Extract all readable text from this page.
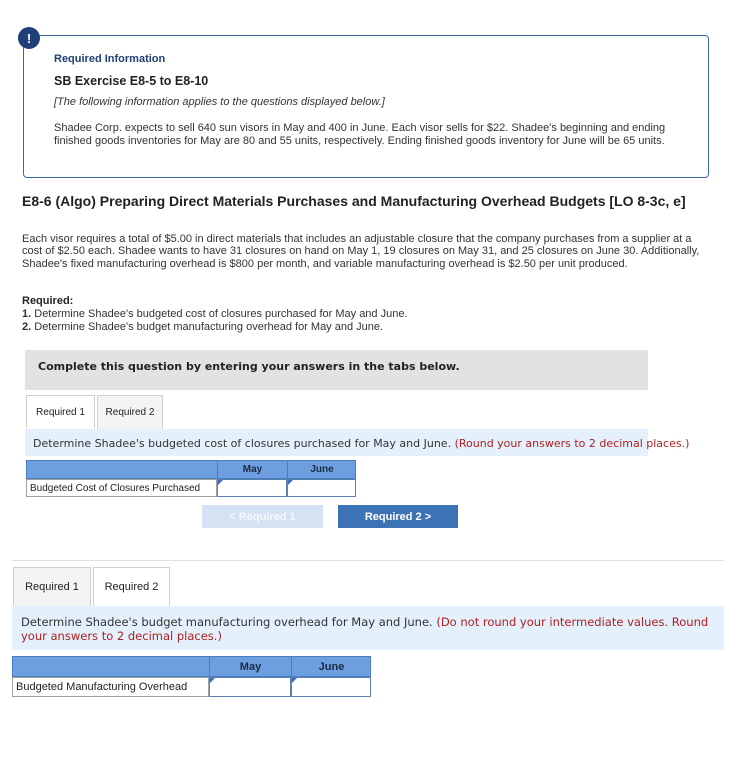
!
Required Information
SB Exercise E8-5 to E8-10
[The following information applies to the questions displayed below.]
Shadee Corp. expects to sell 640 sun visors in May and 400 in June. Each visor sells for $22. Shadee's beginning and ending finished goods inventories for May are 80 and 55 units, respectively. Ending finished goods inventory for June will be 65 units.
E8-6 (Algo) Preparing Direct Materials Purchases and Manufacturing Overhead Budgets [LO 8-3c, e]
Each visor requires a total of $5.00 in direct materials that includes an adjustable closure that the company purchases from a supplier at a cost of $2.50 each. Shadee wants to have 31 closures on hand on May 1, 19 closures on May 31, and 25 closures on June 30. Additionally, Shadee's fixed manufacturing overhead is $800 per month, and variable manufacturing overhead is $2.50 per unit produced.
Required:
1. Determine Shadee's budgeted cost of closures purchased for May and June.
2. Determine Shadee's budget manufacturing overhead for May and June.
Complete this question by entering your answers in the tabs below.
Required 1	Required 2
Determine Shadee's budgeted cost of closures purchased for May and June. (Round your answers to 2 decimal places.)
May	June
Budgeted Cost of Closures Purchased
< Required 1	Required 2 >
Required 1	Required 2
Determine Shadee's budget manufacturing overhead for May and June. (Do not round your intermediate values. Round your answers to 2 decimal places.)
May	June
Budgeted Manufacturing Overhead
